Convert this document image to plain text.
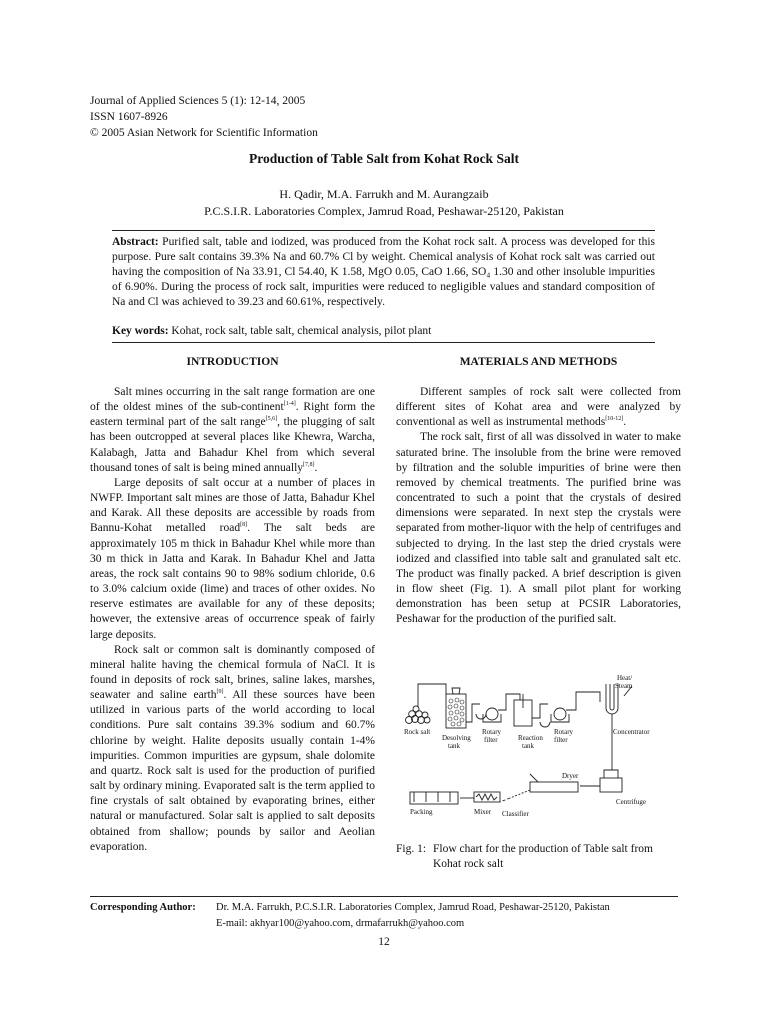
Journal of Applied Sciences 5 (1): 12-14, 2005
ISSN 1607-8926
© 2005 Asian Network for Scientific Information
Production of Table Salt from Kohat Rock Salt
H. Qadir, M.A. Farrukh and M. Aurangzaib
P.C.S.I.R. Laboratories Complex, Jamrud Road, Peshawar-25120, Pakistan
Abstract: Purified salt, table and iodized, was produced from the Kohat rock salt. A process was developed for this purpose. Pure salt contains 39.3% Na and 60.7% Cl by weight. Chemical analysis of Kohat rock salt was carried out having the composition of Na 33.91, Cl 54.40, K 1.58, MgO 0.05, CaO 1.66, SO₄ 1.30 and other insoluble impurities of 6.90%. During the process of rock salt, impurities were reduced to negligible values and standard composition of Na and Cl was achieved to 39.23 and 60.61%, respectively.
Key words: Kohat, rock salt, table salt, chemical analysis, pilot plant
INTRODUCTION

Salt mines occurring in the salt range formation are one of the oldest mines of the sub-continent[1-4]. Right form the eastern terminal part of the salt range[5,6], the plugging of salt has been outcropped at several places like Khewra, Warcha, Kalabagh, Jatta and Bahadur Khel from which several thousand tones of salt is being mined annually[7,8].

Large deposits of salt occur at a number of places in NWFP. Important salt mines are those of Jatta, Bahadur Khel and Karak. All these deposits are accessible by roads from Bannu-Kohat metalled road[8]. The salt beds are approximately 105 m thick in Bahadur Khel while more than 30 m thick in Jatta and Karak. In Bahadur Khel and Jatta areas, the rock salt contains 90 to 98% sodium chloride, 0.6 to 3.0% calcium oxide (lime) and traces of other oxides. No reserve estimates are available for any of these deposits; however, the extensive areas of occurrence speak of fairly large deposits.

Rock salt or common salt is dominantly composed of mineral halite having the chemical formula of NaCl. It is found in deposits of rock salt, brines, saline lakes, marshes, seawater and saline earth[9]. All these sources have been utilized in various parts of the world according to local conditions. Pure salt contains 39.3% sodium and 60.7% chlorine by weight. Halite deposits usually contain 1-4% impurities. Common impurities are gypsum, shale dolomite and quartz. Rock salt is used for the production of purified salt by ordinary mining. Evaporated salt is the term applied to fine crystals of salt obtained by evaporating brines, either natural or manufactured. Solar salt is applied to salt deposits obtained from shallow; pounds by sailor and Aeolian evaporation.

MATERIALS AND METHODS

Different samples of rock salt were collected from different sites of Kohat area and were analyzed by conventional as well as instrumental methods[10-12].

The rock salt, first of all was dissolved in water to make saturated brine. The insoluble from the brine were removed by filtration and the soluble impurities of brine were then removed by chemical treatments. The purified brine was concentrated to such a point that the crystals of desired dimensions were separated. In next step the crystals were separated from mother-liquor with the help of centrifuges and subjected to drying. In the last step the dried crystals were iodized and classified into table salt and granulated salt etc. The product was finally packed. A brief description is given in flow sheet (Fig. 1). A small pilot plant for working demonstration has been setup at PCSIR Laboratories, Peshawar for the production of the purified salt.

Rock salt
Desolving
tank
Rotary
filter	Reaction
tank
Rotary
filter
Heat/
Steam
Concentrator
Packing	Mixer Classifier
Dryer
Centrifuge
Fig. 1: Flow chart for the production of Table salt from
Kohat rock salt
Corresponding Author: Dr. M.A. Farrukh, P.C.S.I.R. Laboratories Complex, Jamrud Road, Peshawar-25120, Pakistan
E-mail: akhyar100@yahoo.com, drmafarrukh@yahoo.com
12
